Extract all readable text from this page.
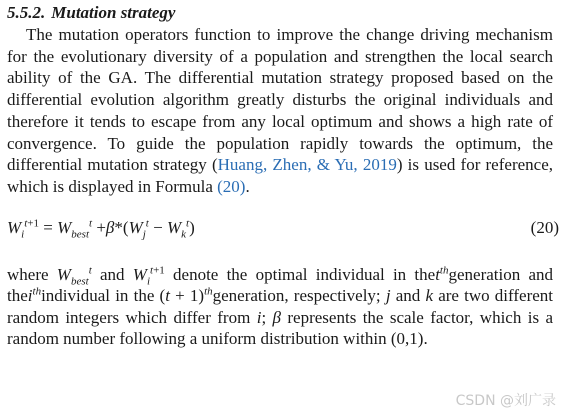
5.5.2. Mutation strategy

The mutation operators function to improve the change driving mechanism for the evolutionary diversity of a population and strengthen the local search ability of the GA. The differential mutation strategy proposed based on the differential evolution algorithm greatly disturbs the original individuals and therefore it tends to escape from any local optimum and shows a high rate of convergence. To guide the population rapidly towards the optimum, the differential mutation strategy (Huang, Zhen, & Yu, 2019) is used for reference, which is displayed in Formula (20).

$W_i^{t+1} = W_{best}^t +\beta*(W_j^t - W_k^t)$	(20)

where $W_{best}^t$ and $W_i^{t+1}$ denote the optimal individual in thet$^{th}$generation and thei$^{th}$individual in the $(t + 1)^{th}generation$, respectively; j and k are two different random integers which differ from i; β represents the scale factor, which is a random number following a uniform distribution within (0,1).

CSDN @刘广录
